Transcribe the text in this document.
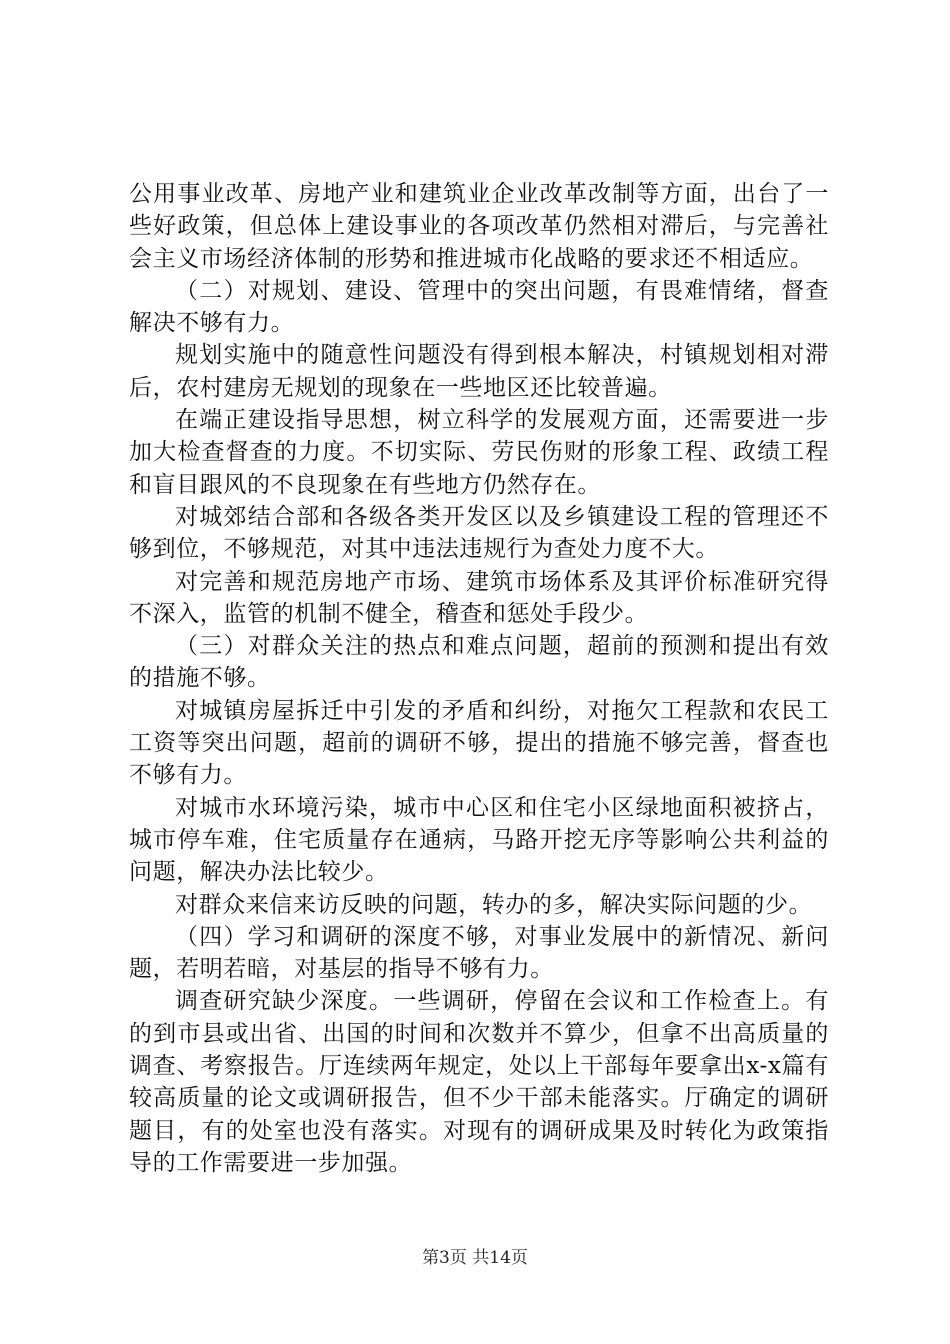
公用事业改革、房地产业和建筑业企业改革改制等方面，出台了一些好政策，但总体上建设事业的各项改革仍然相对滞后，与完善社会主义市场经济体制的形势和推进城市化战略的要求还不相适应。

（二）对规划、建设、管理中的突出问题，有畏难情绪，督查解决不够有力。

规划实施中的随意性问题没有得到根本解决，村镇规划相对滞后，农村建房无规划的现象在一些地区还比较普遍。

在端正建设指导思想，树立科学的发展观方面，还需要进一步加大检查督查的力度。不切实际、劳民伤财的形象工程、政绩工程和盲目跟风的不良现象在有些地方仍然存在。

对城郊结合部和各级各类开发区以及乡镇建设工程的管理还不够到位，不够规范，对其中违法违规行为查处力度不大。

对完善和规范房地产市场、建筑市场体系及其评价标准研究得不深入，监管的机制不健全，稽查和惩处手段少。

（三）对群众关注的热点和难点问题，超前的预测和提出有效的措施不够。

对城镇房屋拆迁中引发的矛盾和纠纷，对拖欠工程款和农民工工资等突出问题，超前的调研不够，提出的措施不够完善，督查也不够有力。

对城市水环境污染，城市中心区和住宅小区绿地面积被挤占，城市停车难，住宅质量存在通病，马路开挖无序等影响公共利益的问题，解决办法比较少。

对群众来信来访反映的问题，转办的多，解决实际问题的少。

（四）学习和调研的深度不够，对事业发展中的新情况、新问题，若明若暗，对基层的指导不够有力。

调查研究缺少深度。一些调研，停留在会议和工作检查上。有的到市县或出省、出国的时间和次数并不算少，但拿不出高质量的调查、考察报告。厅连续两年规定，处以上干部每年要拿出x-x篇有较高质量的论文或调研报告，但不少干部未能落实。厅确定的调研题目，有的处室也没有落实。对现有的调研成果及时转化为政策指导的工作需要进一步加强。

第3页 共14页
